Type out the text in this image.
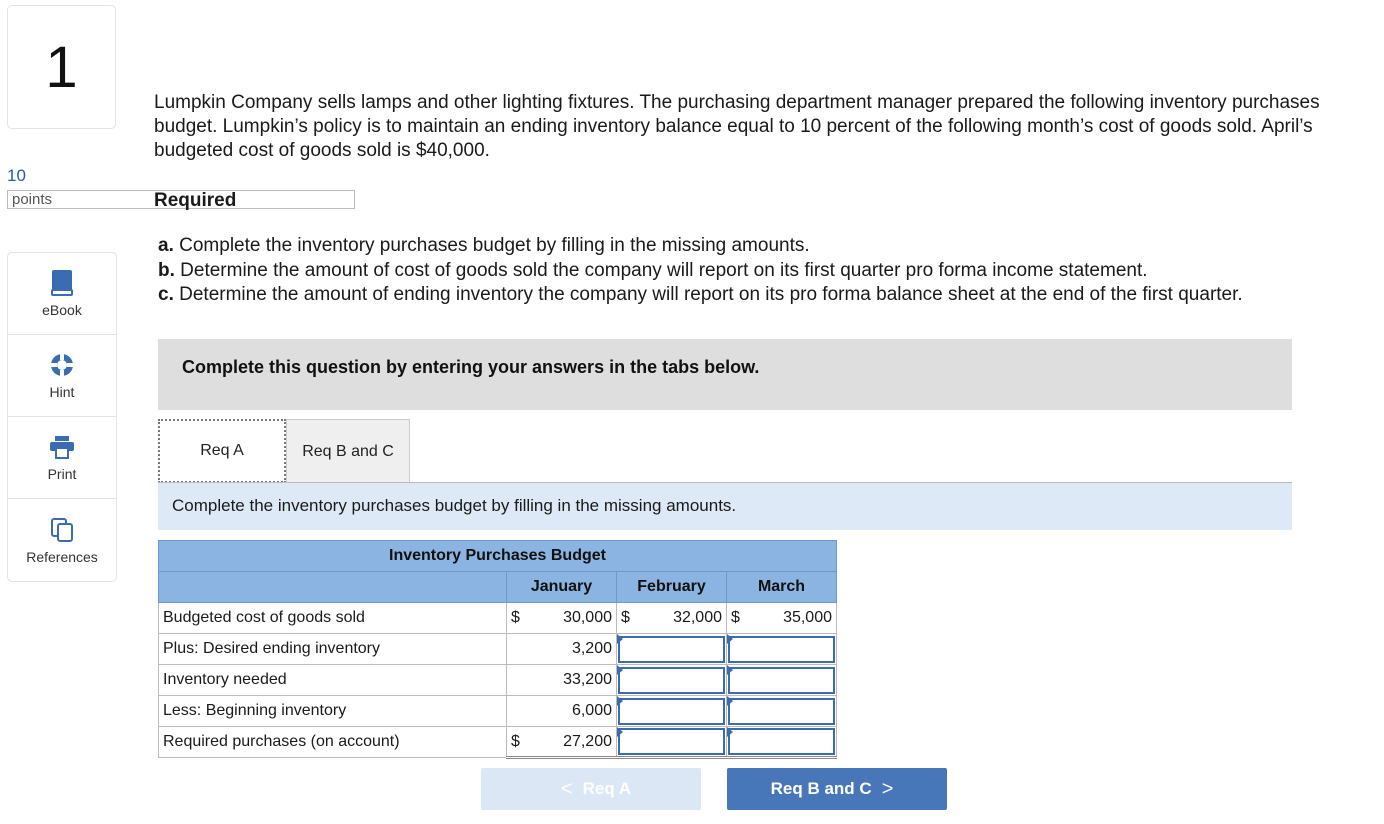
1
10
points
eBook
Hint
Print
References
Lumpkin Company sells lamps and other lighting fixtures. The purchasing department manager prepared the following inventory purchases budget. Lumpkin’s policy is to maintain an ending inventory balance equal to 10 percent of the following month’s cost of goods sold. April’s budgeted cost of goods sold is $40,000.
Required
a. Complete the inventory purchases budget by filling in the missing amounts.
b. Determine the amount of cost of goods sold the company will report on its first quarter pro forma income statement.
c. Determine the amount of ending inventory the company will report on its pro forma balance sheet at the end of the first quarter.
Complete this question by entering your answers in the tabs below.
Req A	Req B and C
Complete the inventory purchases budget by filling in the missing amounts.
Inventory Purchases Budget			
	January	February	March
Budgeted cost of goods sold	$ 30,000	$ 32,000	$ 35,000

Plus: Desired ending inventory	3,200

Inventory needed	33,200

Less: Beginning inventory	6,000

Required purchases (on account)	$ 27,200

< Req A	Req B and C >
